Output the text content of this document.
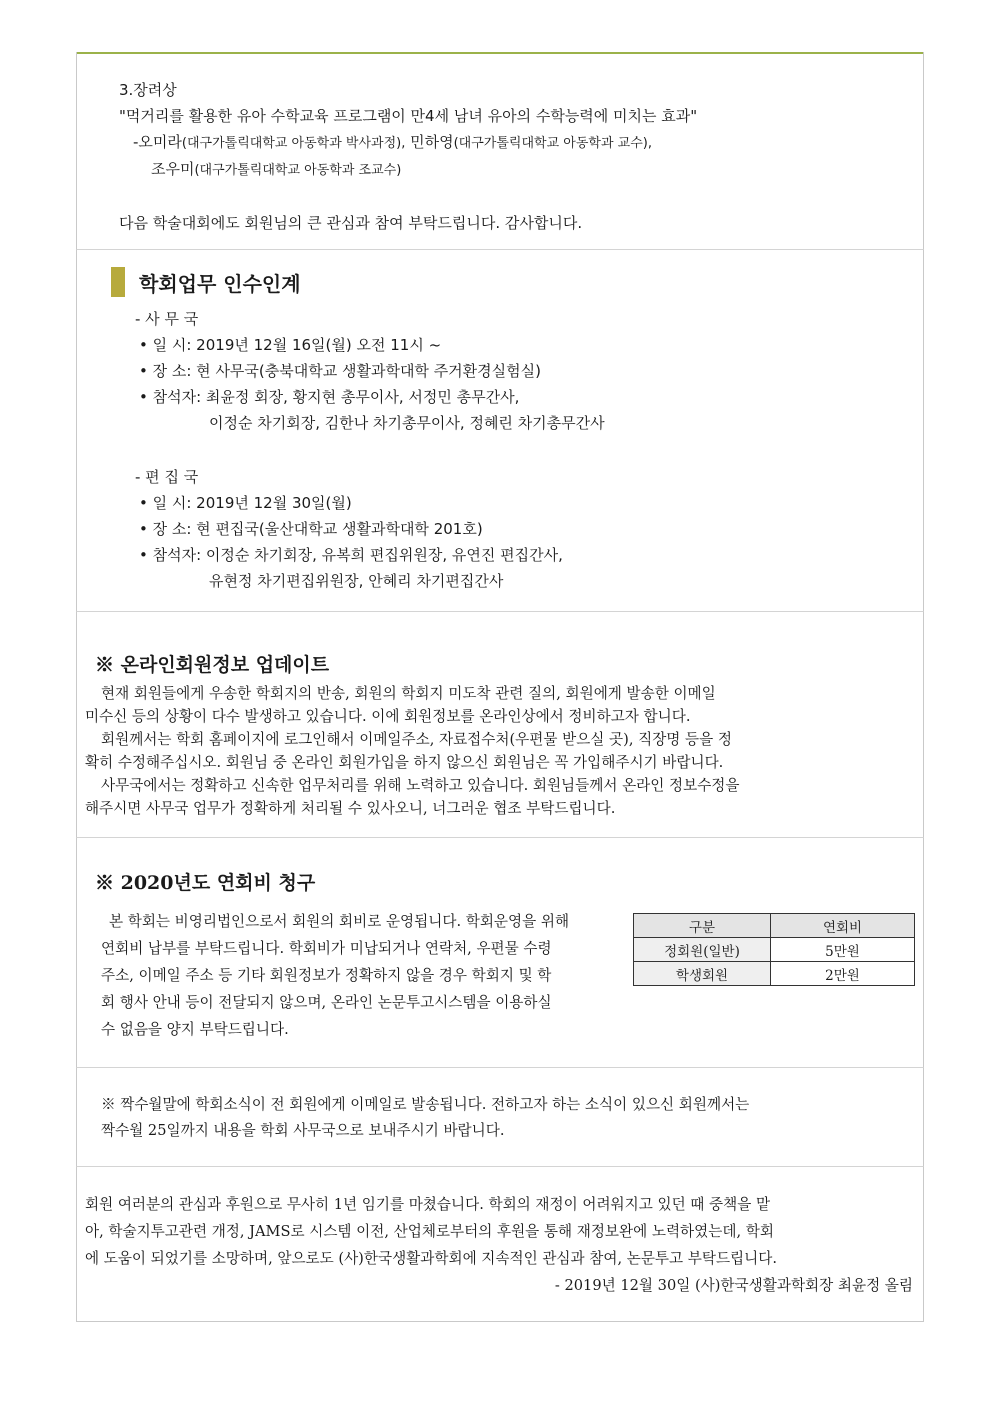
3.장려상
"먹거리를 활용한 유아 수학교육 프로그램이 만4세 남녀 유아의 수학능력에 미치는 효과"
-오미라(대구가톨릭대학교 아동학과 박사과정), 민하영(대구가톨릭대학교 아동학과 교수),
조우미(대구가톨릭대학교 아동학과 조교수)
다음 학술대회에도 회원님의 큰 관심과 참여 부탁드립니다. 감사합니다.
학회업무 인수인계
- 사 무 국
• 일 시: 2019년 12월 16일(월) 오전 11시 ~
• 장 소: 현 사무국(충북대학교 생활과학대학 주거환경실험실)
• 참석자: 최윤정 회장, 황지현 총무이사, 서정민 총무간사,
이정순 차기회장, 김한나 차기총무이사, 정혜린 차기총무간사
- 편 집 국
• 일 시: 2019년 12월 30일(월)
• 장 소: 현 편집국(울산대학교 생활과학대학 201호)
• 참석자: 이정순 차기회장, 유복희 편집위원장, 유연진 편집간사,
유현정 차기편집위원장, 안혜리 차기편집간사
※ 온라인회원정보 업데이트
현재 회원들에게 우송한 학회지의 반송, 회원의 학회지 미도착 관련 질의, 회원에게 발송한 이메일
미수신 등의 상황이 다수 발생하고 있습니다. 이에 회원정보를 온라인상에서 정비하고자 합니다.
회원께서는 학회 홈페이지에 로그인해서 이메일주소, 자료접수처(우편물 받으실 곳), 직장명 등을 정
확히 수정해주십시오. 회원님 중 온라인 회원가입을 하지 않으신 회원님은 꼭 가입해주시기 바랍니다.
사무국에서는 정확하고 신속한 업무처리를 위해 노력하고 있습니다. 회원님들께서 온라인 정보수정을
해주시면 사무국 업무가 정확하게 처리될 수 있사오니, 너그러운 협조 부탁드립니다.
※ 2020년도 연회비 청구
본 학회는 비영리법인으로서 회원의 회비로 운영됩니다. 학회운영을 위해
연회비 납부를 부탁드립니다. 학회비가 미납되거나 연락처, 우편물 수령
주소, 이메일 주소 등 기타 회원정보가 정확하지 않을 경우 학회지 및 학
회 행사 안내 등이 전달되지 않으며, 온라인 논문투고시스템을 이용하실
수 없음을 양지 부탁드립니다.
구분	연회비
정회원(일반)	5만원
학생회원	2만원
※ 짝수월말에 학회소식이 전 회원에게 이메일로 발송됩니다. 전하고자 하는 소식이 있으신 회원께서는
짝수월 25일까지 내용을 학회 사무국으로 보내주시기 바랍니다.
회원 여러분의 관심과 후원으로 무사히 1년 임기를 마쳤습니다. 학회의 재정이 어려워지고 있던 때 중책을 맡
아, 학술지투고관련 개정, JAMS로 시스템 이전, 산업체로부터의 후원을 통해 재정보완에 노력하였는데, 학회
에 도움이 되었기를 소망하며, 앞으로도 (사)한국생활과학회에 지속적인 관심과 참여, 논문투고 부탁드립니다.
- 2019년 12월 30일 (사)한국생활과학회장 최윤정 올림
